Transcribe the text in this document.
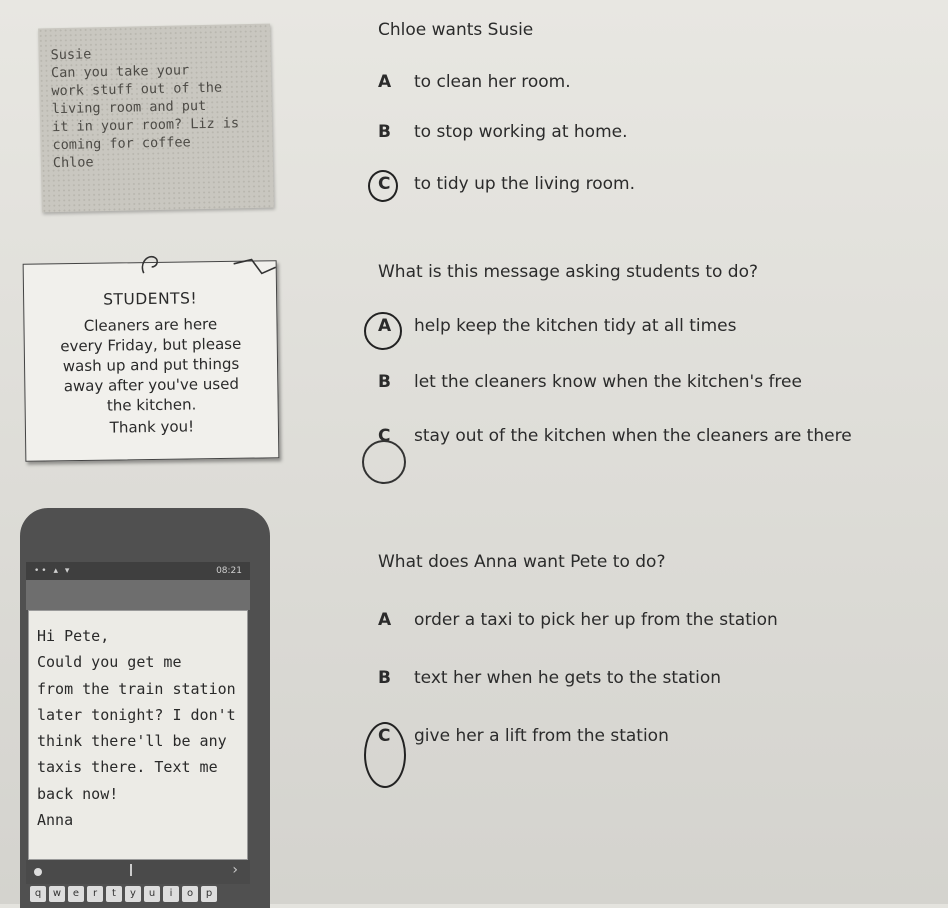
Susie

Can you take your

work stuff out of the

living room and put

it in your room? Liz is

coming for coffee

Chloe

STUDENTS!
Cleaners are here
every Friday, but please
wash up and put things
away after you've used
the kitchen.
Thank you!
•• ▴ ▾	08:21
Hi Pete,
Could you get me
from the train station
later tonight? I don't
think there'll be any
taxis there. Text me
back now!
Anna
›
q	w	e	r	t	y	u	i	o	p
Chloe wants Susie
A to clean her room.
B to stop working at home.
C to tidy up the living room.
What is this message asking students to do?
A help keep the kitchen tidy at all times
B let the cleaners know when the kitchen's free
C stay out of the kitchen when the cleaners are there
What does Anna want Pete to do?
A order a taxi to pick her up from the station
B text her when he gets to the station
C give her a lift from the station
